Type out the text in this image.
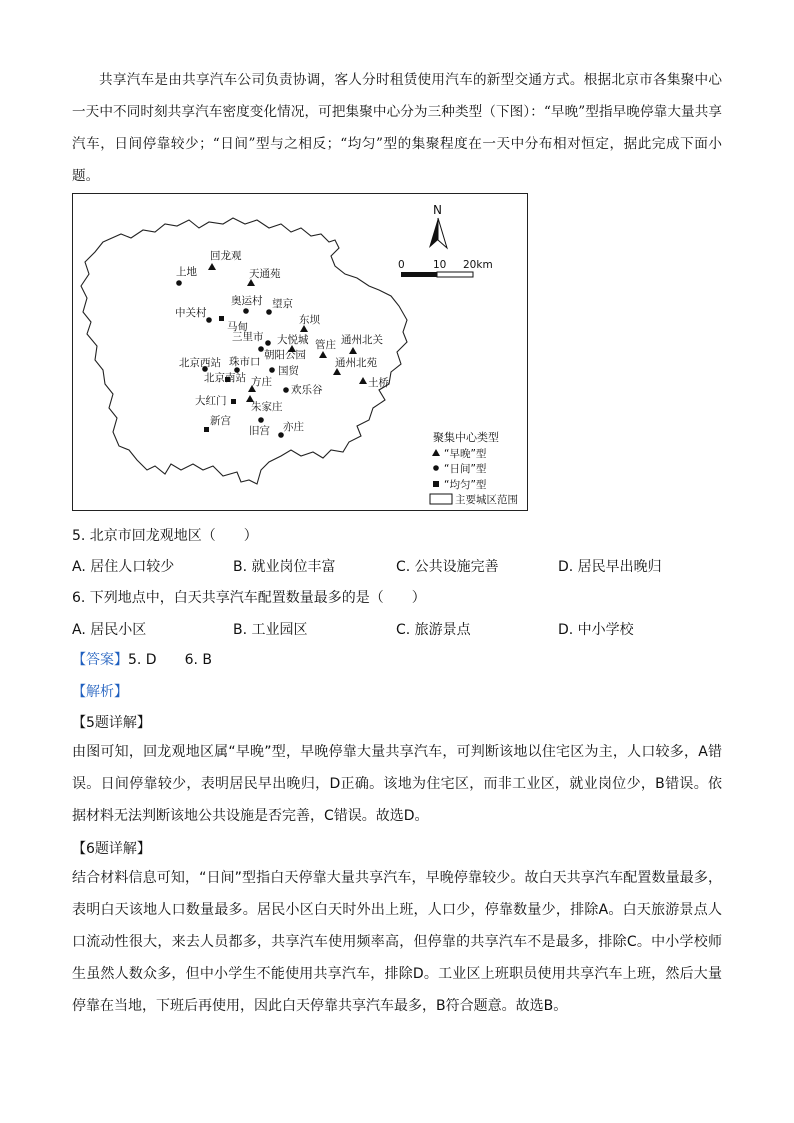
共享汽车是由共享汽车公司负责协调，客人分时租赁使用汽车的新型交通方式。根据北京市各集聚中心一天中不同时刻共享汽车密度变化情况，可把集聚中心分为三种类型（下图）：“早晚”型指早晚停靠大量共享汽车，日间停靠较少；“日间”型与之相反；“均匀”型的集聚程度在一天中分布相对恒定，据此完成下面小题。

N
0	10 20km
回龙观
天通苑
东坝
通州北关
大悦城 管庄
通州北苑
土桥
方庄
朱家庄
上地
中关村
奥运村 望京
三里市
朝阳公园
北京西站 珠市口
国贸
欢乐谷
旧宫 亦庄
马甸
北京南站
大红门
新宫
聚集中心类型
“早晚”型
“日间”型
“均匀”型
主要城区范围
5. 北京市回龙观地区（　　）
A. 居住人口较少	B. 就业岗位丰富	C. 公共设施完善	D. 居民早出晚归
6. 下列地点中，白天共享汽车配置数量最多的是（　　）
A. 居民小区	B. 工业园区	C. 旅游景点	D. 中小学校
【答案】5. D　　6. B
【解析】
【5题详解】
由图可知，回龙观地区属“早晚”型，早晚停靠大量共享汽车，可判断该地以住宅区为主，人口较多，A错误。日间停靠较少，表明居民早出晚归，D正确。该地为住宅区，而非工业区，就业岗位少，B错误。依据材料无法判断该地公共设施是否完善，C错误。故选D。
【6题详解】
结合材料信息可知，“日间”型指白天停靠大量共享汽车，早晚停靠较少。故白天共享汽车配置数量最多，表明白天该地人口数量最多。居民小区白天时外出上班，人口少，停靠数量少，排除A。白天旅游景点人口流动性很大，来去人员都多，共享汽车使用频率高，但停靠的共享汽车不是最多，排除C。中小学校师生虽然人数众多，但中小学生不能使用共享汽车，排除D。工业区上班职员使用共享汽车上班，然后大量停靠在当地，下班后再使用，因此白天停靠共享汽车最多，B符合题意。故选B。
